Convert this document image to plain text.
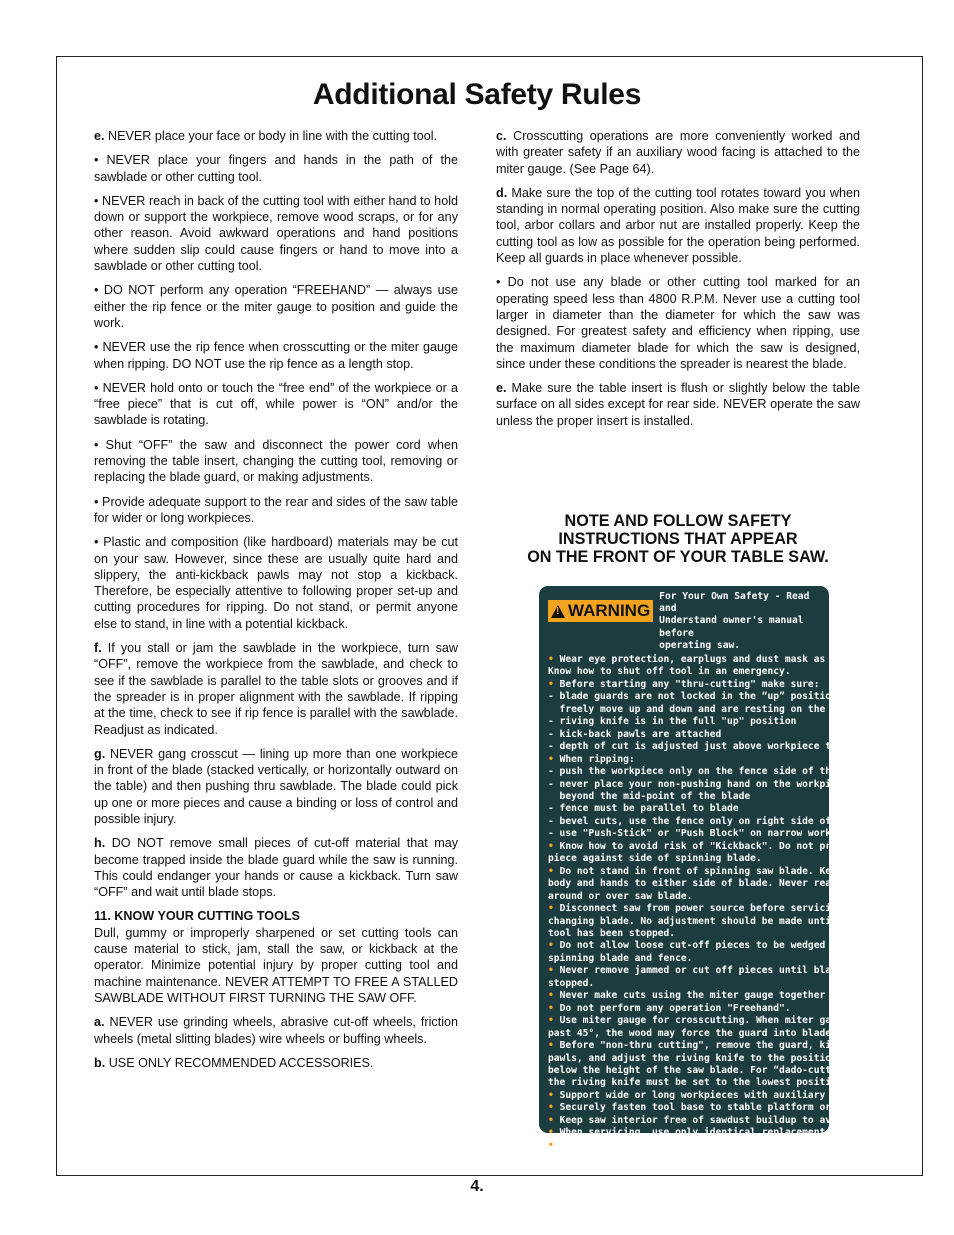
Additional Safety Rules

e. NEVER place your face or body in line with the cutting tool.

• NEVER place your fingers and hands in the path of the sawblade or other cutting tool.

• NEVER reach in back of the cutting tool with either hand to hold down or support the workpiece, remove wood scraps, or for any other reason. Avoid awkward operations and hand positions where sudden slip could cause fingers or hand to move into a sawblade or other cutting tool.

• DO NOT perform any operation “FREEHAND” — always use either the rip fence or the miter gauge to position and guide the work.

• NEVER use the rip fence when crosscutting or the miter gauge when ripping. DO NOT use the rip fence as a length stop.

• NEVER hold onto or touch the “free end” of the workpiece or a “free piece” that is cut off, while power is “ON” and/or the sawblade is rotating.

• Shut “OFF” the saw and disconnect the power cord when removing the table insert, changing the cutting tool, removing or replacing the blade guard, or making adjustments.

• Provide adequate support to the rear and sides of the saw table for wider or long workpieces.

• Plastic and composition (like hardboard) materials may be cut on your saw. However, since these are usually quite hard and slippery, the anti-kickback pawls may not stop a kickback. Therefore, be especially attentive to following proper set-up and cutting procedures for ripping. Do not stand, or permit anyone else to stand, in line with a potential kickback.

f. If you stall or jam the sawblade in the workpiece, turn saw “OFF”, remove the workpiece from the sawblade, and check to see if the sawblade is parallel to the table slots or grooves and if the spreader is in proper alignment with the sawblade. If ripping at the time, check to see if rip fence is parallel with the sawblade. Readjust as indicated.

g. NEVER gang crosscut — lining up more than one workpiece in front of the blade (stacked vertically, or horizontally outward on the table) and then pushing thru sawblade. The blade could pick up one or more pieces and cause a binding or loss of control and possible injury.

h. DO NOT remove small pieces of cut-off material that may become trapped inside the blade guard while the saw is running. This could endanger your hands or cause a kickback. Turn saw “OFF” and wait until blade stops.

11. KNOW YOUR CUTTING TOOLS

Dull, gummy or improperly sharpened or set cutting tools can cause material to stick, jam, stall the saw, or kickback at the operator. Minimize potential injury by proper cutting tool and machine maintenance. NEVER ATTEMPT TO FREE A STALLED SAWBLADE WITHOUT FIRST TURNING THE SAW OFF.

a. NEVER use grinding wheels, abrasive cut-off wheels, friction wheels (metal slitting blades) wire wheels or buffing wheels.

b. USE ONLY RECOMMENDED ACCESSORIES.

c. Crosscutting operations are more conveniently worked and with greater safety if an auxiliary wood facing is attached to the miter gauge. (See Page 64).

d. Make sure the top of the cutting tool rotates toward you when standing in normal operating position. Also make sure the cutting tool, arbor collars and arbor nut are installed properly. Keep the cutting tool as low as possible for the operation being performed. Keep all guards in place whenever possible.

• Do not use any blade or other cutting tool marked for an operating speed less than 4800 R.P.M. Never use a cutting tool larger in diameter than the diameter for which the saw was designed. For greatest safety and efficiency when ripping, use the maximum diameter blade for which the saw is designed, since under these conditions the spreader is nearest the blade.

e. Make sure the table insert is flush or slightly below the table surface on all sides except for rear side. NEVER operate the saw unless the proper insert is installed.

NOTE AND FOLLOW SAFETY
INSTRUCTIONS THAT APPEAR
ON THE FRONT OF YOUR TABLE SAW.
! WARNING
For Your Own Safety - Read and
Understand owner's manual before
operating saw.
• Wear eye protection, earplugs and dust mask as needed.
Know how to shut off tool in an emergency.
• Before starting any "thru-cutting" make sure:
- blade guards are not locked in the “up” position, can
freely move up and down and are resting on the table
- riving knife is in the full "up" position
- kick-back pawls are attached
- depth of cut is adjusted just above workpiece thickness.
• When ripping:
- push the workpiece only on the fence side of the blade
- never place your non-pushing hand on the workpiece
beyond the mid-point of the blade
- fence must be parallel to blade
- bevel cuts, use the fence only on right side of blade
- use "Push-Stick" or "Push Block" on narrow workpieces.
• Know how to avoid risk of "Kickback". Do not press work-
piece against side of spinning blade.
• Do not stand in front of spinning saw blade. Keep your
body and hands to either side of blade. Never reach
around or over saw blade.
• Disconnect saw from power source before servicing or
changing blade. No adjustment should be made until the
tool has been stopped.
• Do not allow loose cut-off pieces to be wedged between
spinning blade and fence.
• Never remove jammed or cut off pieces until blade has
stopped.
• Never make cuts using the miter gauge together with fence.
• Do not perform any operation "Freehand".
• Use miter gauge for crosscutting. When miter gauge is set
past 45°, the wood may force the guard into blade.
• Before "non-thru cutting", remove the guard, kick-back
pawls, and adjust the riving knife to the position just
below the height of the saw blade. For “dado-cutting”,
the riving knife must be set to the lowest position.
• Support wide or long workpieces with auxiliary stands.
• Securely fasten tool base to stable platform or workbench.
• Keep saw interior free of sawdust buildup to avoid fire hazard.
• When servicing, use only identical replacement parts.
• Do not expose to rain or use in damp locations.
4.
